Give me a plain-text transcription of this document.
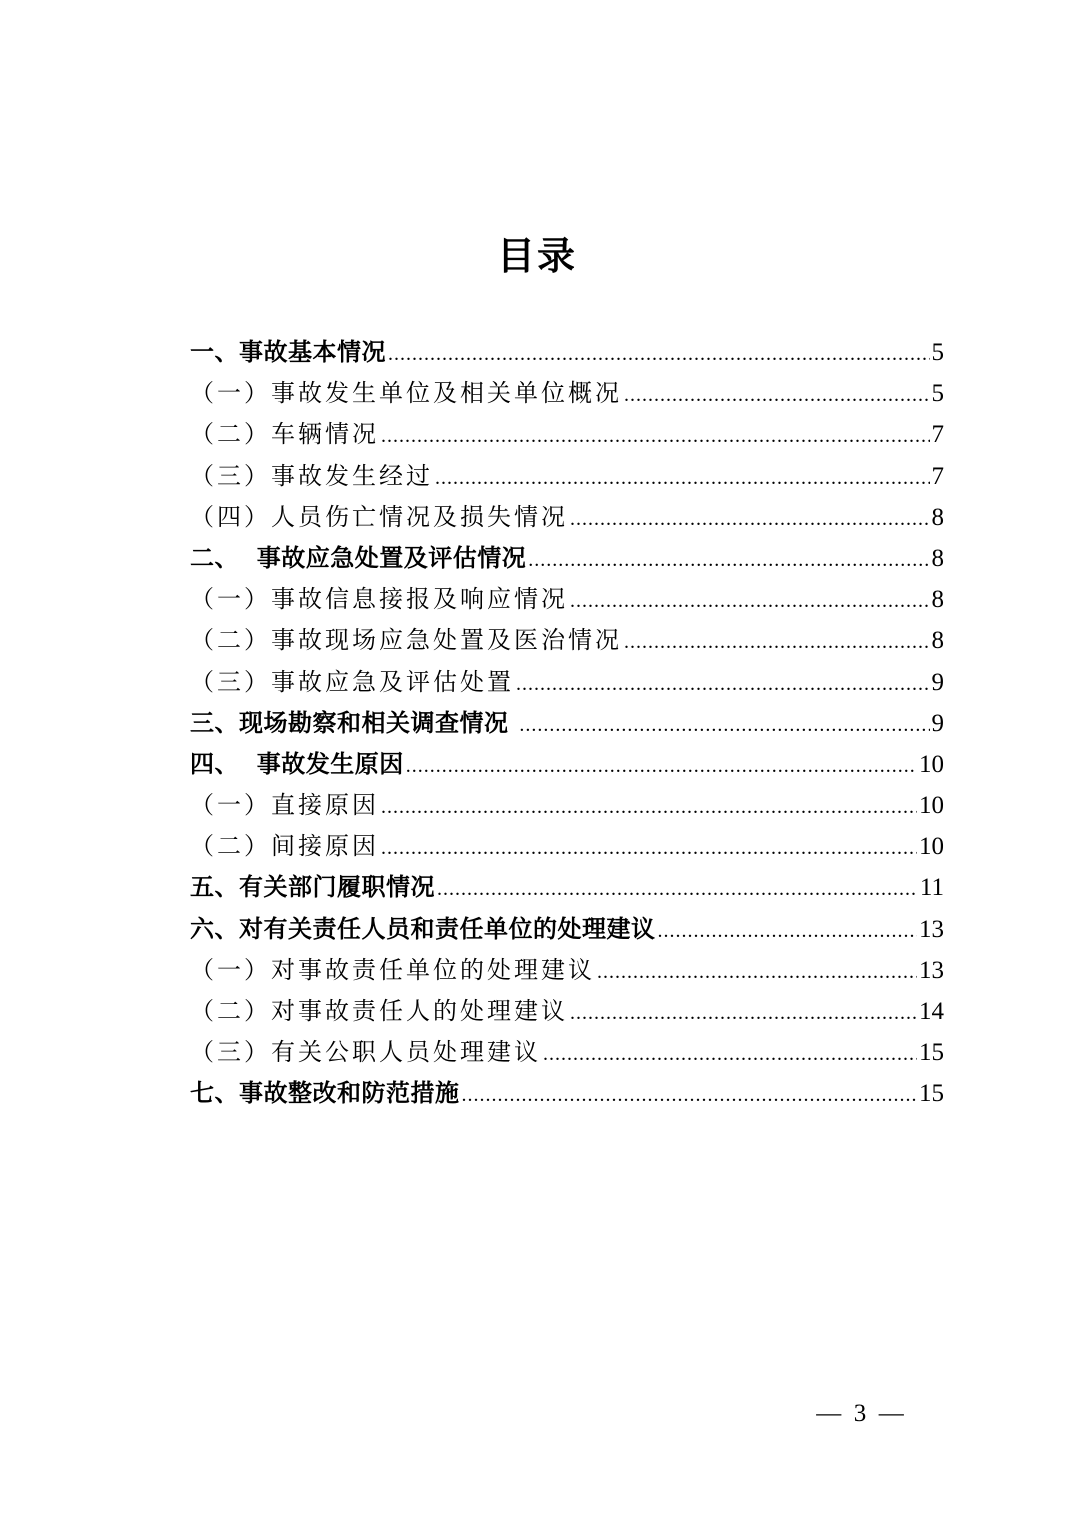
目录
一、事故基本情况 .....	5
（一）事故发生单位及相关单位概况 .....	5
（二）车辆情况 .....	7
（三）事故发生经过 .....	7
（四）人员伤亡情况及损失情况 .....	8
二、  事故应急处置及评估情况 .....	8
（一）事故信息接报及响应情况 .....	8
（二）事故现场应急处置及医治情况 .....	8
（三）事故应急及评估处置 .....	9
三、现场勘察和相关调查情况 .....	9
四、  事故发生原因 .....	10
（一）直接原因 .....	10
（二）间接原因 .....	10
五、有关部门履职情况 .....	11
六、对有关责任人员和责任单位的处理建议 .....	13
（一）对事故责任单位的处理建议 .....	13
（二）对事故责任人的处理建议 .....	14
（三）有关公职人员处理建议 .....	15
七、事故整改和防范措施 .....	15
—  3  —
